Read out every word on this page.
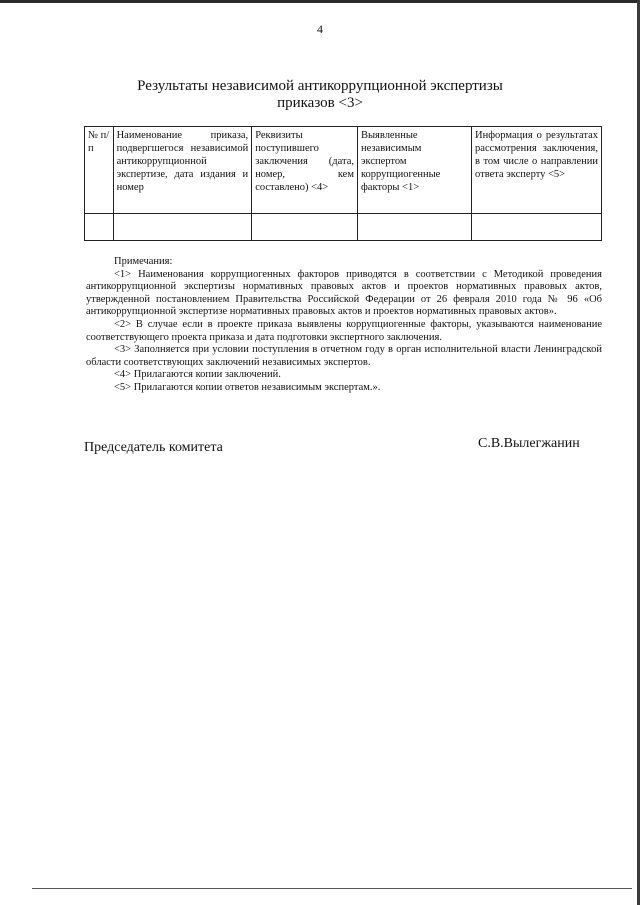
4
Результаты независимой антикоррупционной экспертизы
приказов <3>
№ п/п	Наименование приказа, подвергшегося независимой антикоррупционной экспертизе, дата издания и номер	Реквизиты поступившего заключения (дата, номер, кем составлено) <4>	Выявленные независимым экспертом коррупциогенные факторы <1>	Информация о результатах рассмотрения заключения, в том числе о направлении ответа эксперту <5>

Примечания:

<1> Наименования коррупциогенных факторов приводятся в соответствии с Методикой проведения антикоррупционной экспертизы нормативных правовых актов и проектов нормативных правовых актов, утвержденной постановлением Правительства Российской Федерации от 26 февраля 2010 года № 96 «Об антикоррупционной экспертизе нормативных правовых актов и проектов нормативных правовых актов».

<2> В случае если в проекте приказа выявлены коррупциогенные факторы, указываются наименование соответствующего проекта приказа и дата подготовки экспертного заключения.

<3> Заполняется при условии поступления в отчетном году в орган исполнительной власти Ленинградской области соответствующих заключений независимых экспертов.

<4> Прилагаются копии заключений.

<5> Прилагаются копии ответов независимым экспертам.».

Председатель комитета	С.В.Вылегжанин
